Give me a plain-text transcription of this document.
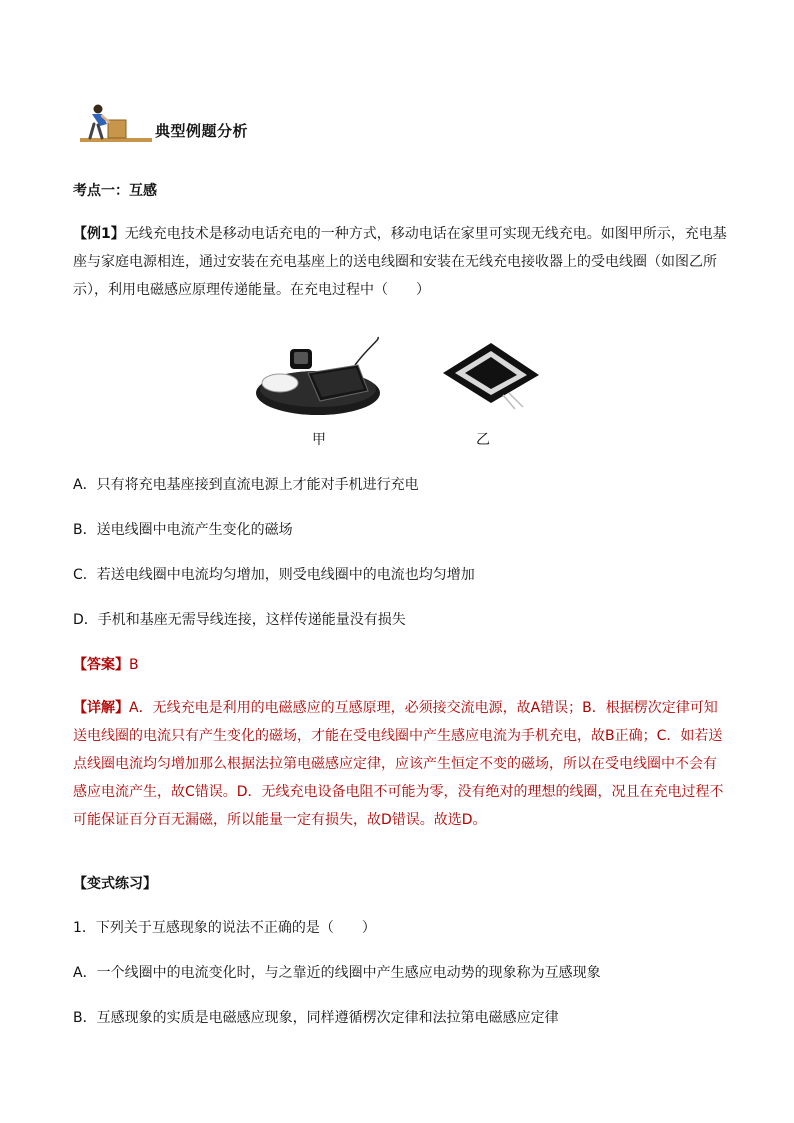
典型例题分析
考点一：互感
【例1】无线充电技术是移动电话充电的一种方式，移动电话在家里可实现无线充电。如图甲所示，充电基
座与家庭电源相连，通过安装在充电基座上的送电线圈和安装在无线充电接收器上的受电线圈（如图乙所
示），利用电磁感应原理传递能量。在充电过程中（　　）
甲	乙
A．只有将充电基座接到直流电源上才能对手机进行充电
B．送电线圈中电流产生变化的磁场
C．若送电线圈中电流均匀增加，则受电线圈中的电流也均匀增加
D．手机和基座无需导线连接，这样传递能量没有损失
【答案】B
【详解】A．无线充电是利用的电磁感应的互感原理，必须接交流电源，故A错误；B．根据楞次定律可知
送电线圈的电流只有产生变化的磁场，才能在受电线圈中产生感应电流为手机充电，故B正确；C．如若送
点线圈电流均匀增加那么根据法拉第电磁感应定律，应该产生恒定不变的磁场，所以在受电线圈中不会有
感应电流产生，故C错误。D．无线充电设备电阻不可能为零，没有绝对的理想的线圈，况且在充电过程不
可能保证百分百无漏磁，所以能量一定有损失，故D错误。故选D。
【变式练习】
1．下列关于互感现象的说法不正确的是（　　）
A．一个线圈中的电流变化时，与之靠近的线圈中产生感应电动势的现象称为互感现象
B．互感现象的实质是电磁感应现象，同样遵循楞次定律和法拉第电磁感应定律
